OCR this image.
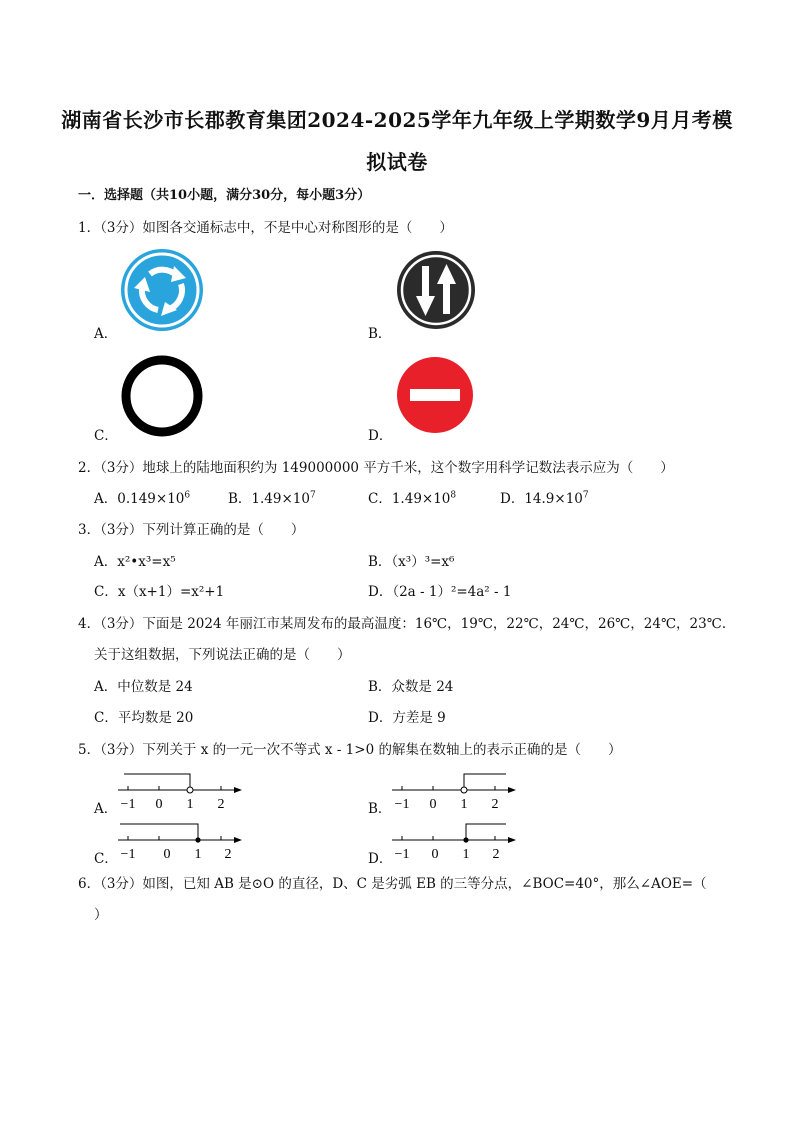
湖南省长沙市长郡教育集团2024-2025学年九年级上学期数学9月月考模
拟试卷
一．选择题（共10小题，满分30分，每小题3分）
1．（3分）如图各交通标志中，不是中心对称图形的是（　　）
A．	B．
C．	D．
2．（3分）地球上的陆地面积约为 149000000 平方千米，这个数字用科学记数法表示应为（　　）
A．$0.149\times 10^6$	B．$1.49\times 10^7$	C．$1.49\times 10^8$	D．$14.9\times 10^7$
3．（3分）下列计算正确的是（　　）
A．x²•x³=x⁵	B．（x³）³=x⁶
C．x（x+1）=x²+1	D．（2a - 1）²=4a² - 1
4．（3分）下面是 2024 年丽江市某周发布的最高温度：16℃，19℃，22℃，24℃，26℃，24℃，23℃．
关于这组数据，下列说法正确的是（　　）
A．中位数是 24	B．众数是 24
C．平均数是 20	D．方差是 9
5．（3分）下列关于 x 的一元一次不等式 x - 1>0 的解集在数轴上的表示正确的是（　　）
A． −1 0 1 2	B． −1 0 1 2
C． −1 0 1 2	D． −1 0 1 2
6．（3分）如图，已知 AB 是⊙O 的直径，D、C 是劣弧 EB 的三等分点，∠BOC=40°，那么∠AOE=（
）
